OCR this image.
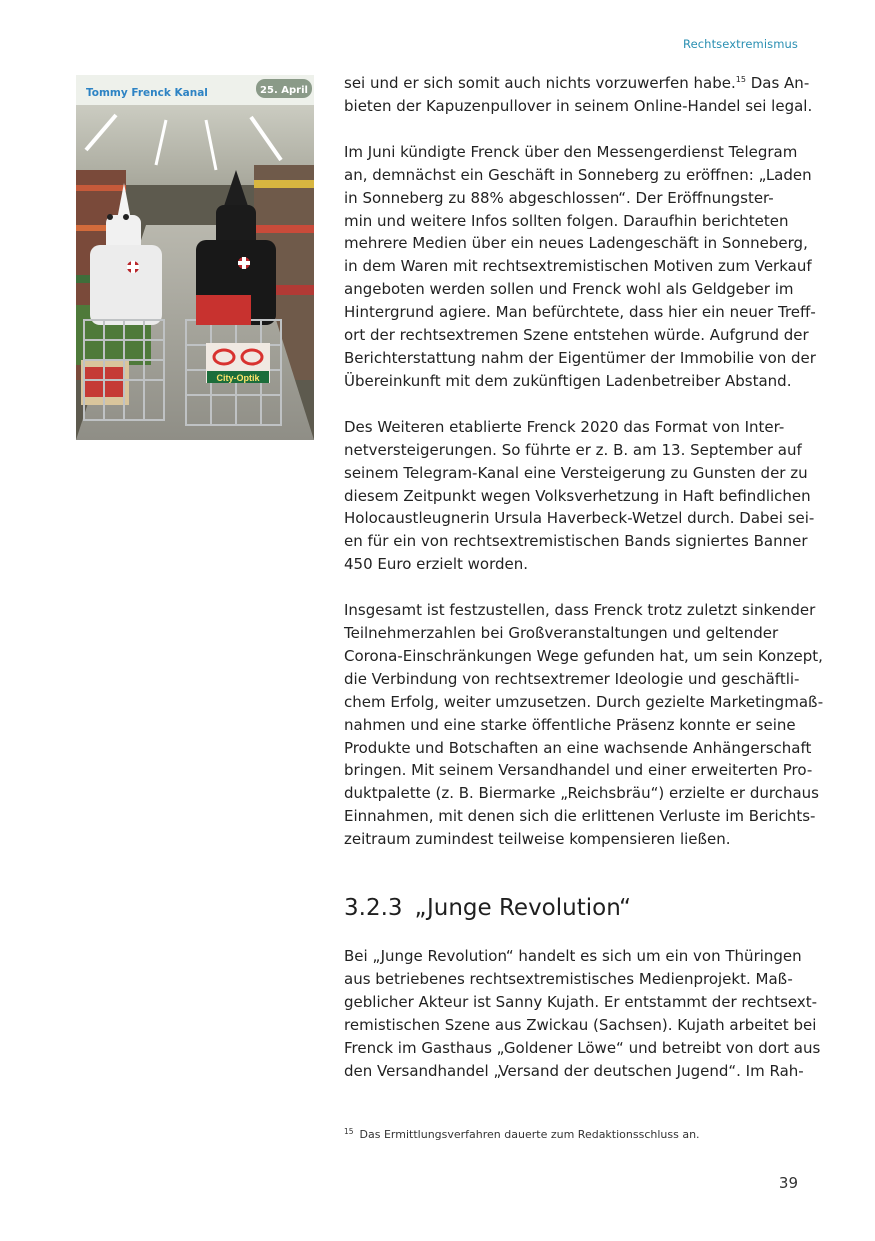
Rechtsextremismus
City-Optik
Tommy Frenck Kanal	25. April sei und er sich somit auch nichts vorzuwerfen habe.$^{15}$ Das An-
bieten der Kapuzenpullover in seinem Online-Handel sei legal.

Im Juni kündigte Frenck über den Messengerdienst Telegram
an, demnächst ein Geschäft in Sonneberg zu eröffnen: „Laden
in Sonneberg zu 88% abgeschlossen“. Der Eröffnungster-
min und weitere Infos sollten folgen. Daraufhin berichteten
mehrere Medien über ein neues Ladengeschäft in Sonneberg,
in dem Waren mit rechtsextremistischen Motiven zum Verkauf
angeboten werden sollen und Frenck wohl als Geldgeber im
Hintergrund agiere. Man befürchtete, dass hier ein neuer Treff-
ort der rechtsextremen Szene entstehen würde. Aufgrund der
Berichterstattung nahm der Eigentümer der Immobilie von der
Übereinkunft mit dem zukünftigen Ladenbetreiber Abstand.

Des Weiteren etablierte Frenck 2020 das Format von Inter-
netversteigerungen. So führte er z. B. am 13. September auf
seinem Telegram-Kanal eine Versteigerung zu Gunsten der zu
diesem Zeitpunkt wegen Volksverhetzung in Haft befindlichen
Holocaustleugnerin Ursula Haverbeck-Wetzel durch. Dabei sei-
en für ein von rechtsextremistischen Bands signiertes Banner
450 Euro erzielt worden.

Insgesamt ist festzustellen, dass Frenck trotz zuletzt sinkender
Teilnehmerzahlen bei Großveranstaltungen und geltender
Corona-Einschränkungen Wege gefunden hat, um sein Konzept,
die Verbindung von rechtsextremer Ideologie und geschäftli-
chem Erfolg, weiter umzusetzen. Durch gezielte Marketingmaß-
nahmen und eine starke öffentliche Präsenz konnte er seine
Produkte und Botschaften an eine wachsende Anhängerschaft
bringen. Mit seinem Versandhandel und einer erweiterten Pro-
duktpalette (z. B. Biermarke „Reichsbräu“) erzielte er durchaus
Einnahmen, mit denen sich die erlittenen Verluste im Berichts-
zeitraum zumindest teilweise kompensieren ließen.

3.2.3 „Junge Revolution“

Bei „Junge Revolution“ handelt es sich um ein von Thüringen
aus betriebenes rechtsextremistisches Medienprojekt. Maß-
geblicher Akteur ist Sanny Kujath. Er entstammt der rechtsext-
remistischen Szene aus Zwickau (Sachsen). Kujath arbeitet bei
Frenck im Gasthaus „Goldener Löwe“ und betreibt von dort aus
den Versandhandel „Versand der deutschen Jugend“. Im Rah-

$^{15}$ Das Ermittlungsverfahren dauerte zum Redaktionsschluss an.
39
